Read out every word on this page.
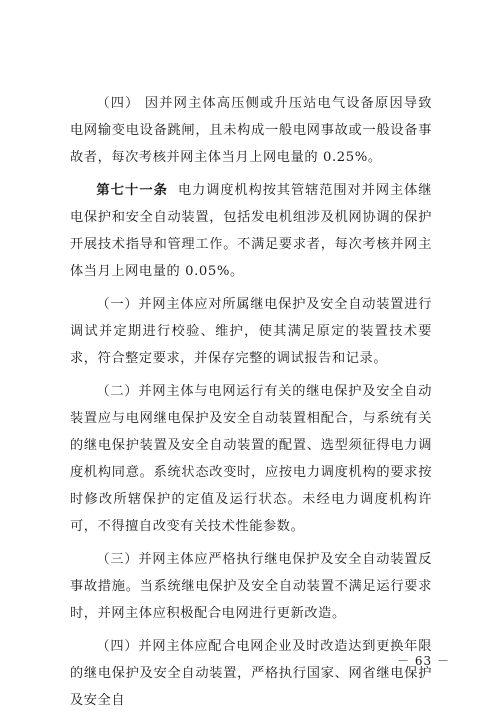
（四） 因并网主体高压侧或升压站电气设备原因导致电网输变电设备跳闸，且未构成一般电网事故或一般设备事故者，每次考核并网主体当月上网电量的 0.25%。

第七十一条 电力调度机构按其管辖范围对并网主体继电保护和安全自动装置，包括发电机组涉及机网协调的保护开展技术指导和管理工作。不满足要求者，每次考核并网主体当月上网电量的 0.05%。

（一）并网主体应对所属继电保护及安全自动装置进行调试并定期进行校验、维护，使其满足原定的装置技术要求，符合整定要求，并保存完整的调试报告和记录。

（二）并网主体与电网运行有关的继电保护及安全自动装置应与电网继电保护及安全自动装置相配合，与系统有关的继电保护装置及安全自动装置的配置、选型须征得电力调度机构同意。系统状态改变时，应按电力调度机构的要求按时修改所辖保护的定值及运行状态。未经电力调度机构许可，不得擅自改变有关技术性能参数。

（三）并网主体应严格执行继电保护及安全自动装置反事故措施。当系统继电保护及安全自动装置不满足运行要求时，并网主体应积极配合电网进行更新改造。

（四）并网主体应配合电网企业及时改造达到更换年限的继电保护及安全自动装置，严格执行国家、网省继电保护及安全自

－ 63 －
